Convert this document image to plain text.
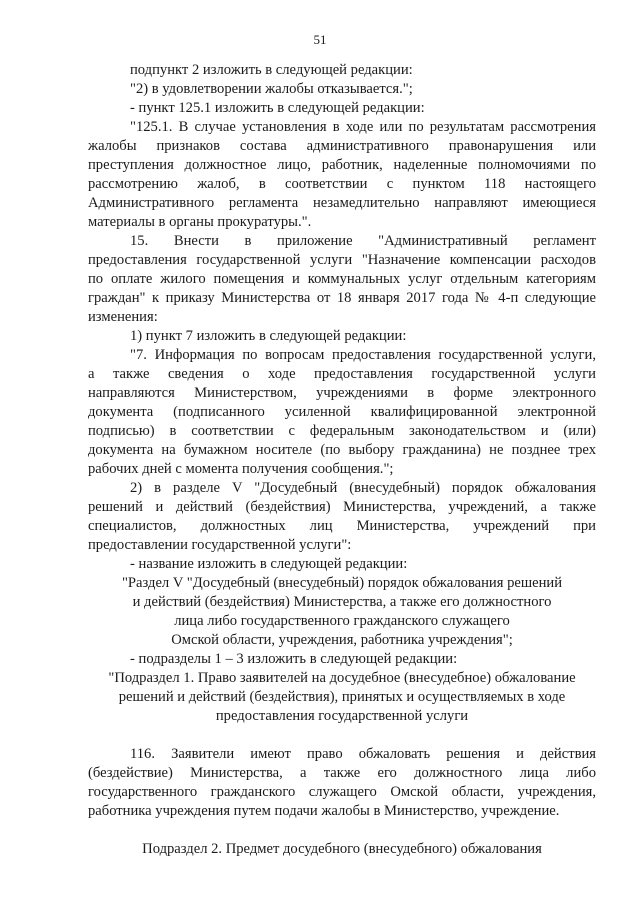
51

подпункт 2 изложить в следующей редакции:

"2) в удовлетворении жалобы отказывается.";

- пункт 125.1 изложить в следующей редакции:

"125.1. В случае установления в ходе или по результатам рассмотрения

жалобы признаков состава административного правонарушения или

преступления должностное лицо, работник, наделенные полномочиями по

рассмотрению жалоб, в соответствии с пунктом 118 настоящего

Административного регламента незамедлительно направляют имеющиеся

материалы в органы прокуратуры.".

15. Внести в приложение "Административный регламент

предоставления государственной услуги "Назначение компенсации расходов

по оплате жилого помещения и коммунальных услуг отдельным категориям

граждан" к приказу Министерства от 18 января 2017 года № 4-п следующие

изменения:

1) пункт 7 изложить в следующей редакции:

"7. Информация по вопросам предоставления государственной услуги,

а также сведения о ходе предоставления государственной услуги

направляются Министерством, учреждениями в форме электронного

документа (подписанного усиленной квалифицированной электронной

подписью) в соответствии с федеральным законодательством и (или)

документа на бумажном носителе (по выбору гражданина) не позднее трех

рабочих дней с момента получения сообщения.";

2) в разделе V "Досудебный (внесудебный) порядок обжалования

решений и действий (бездействия) Министерства, учреждений, а также

специалистов, должностных лиц Министерства, учреждений при

предоставлении государственной услуги":

- название изложить в следующей редакции:

"Раздел V "Досудебный (внесудебный) порядок обжалования решений

и действий (бездействия) Министерства, а также его должностного

лица либо государственного гражданского служащего

Омской области, учреждения, работника учреждения";

- подразделы 1 – 3 изложить в следующей редакции:

"Подраздел 1. Право заявителей на досудебное (внесудебное) обжалование

решений и действий (бездействия), принятых и осуществляемых в ходе

предоставления государственной услуги

116. Заявители имеют право обжаловать решения и действия

(бездействие) Министерства, а также его должностного лица либо

государственного гражданского служащего Омской области, учреждения,

работника учреждения путем подачи жалобы в Министерство, учреждение.

Подраздел 2. Предмет досудебного (внесудебного) обжалования
